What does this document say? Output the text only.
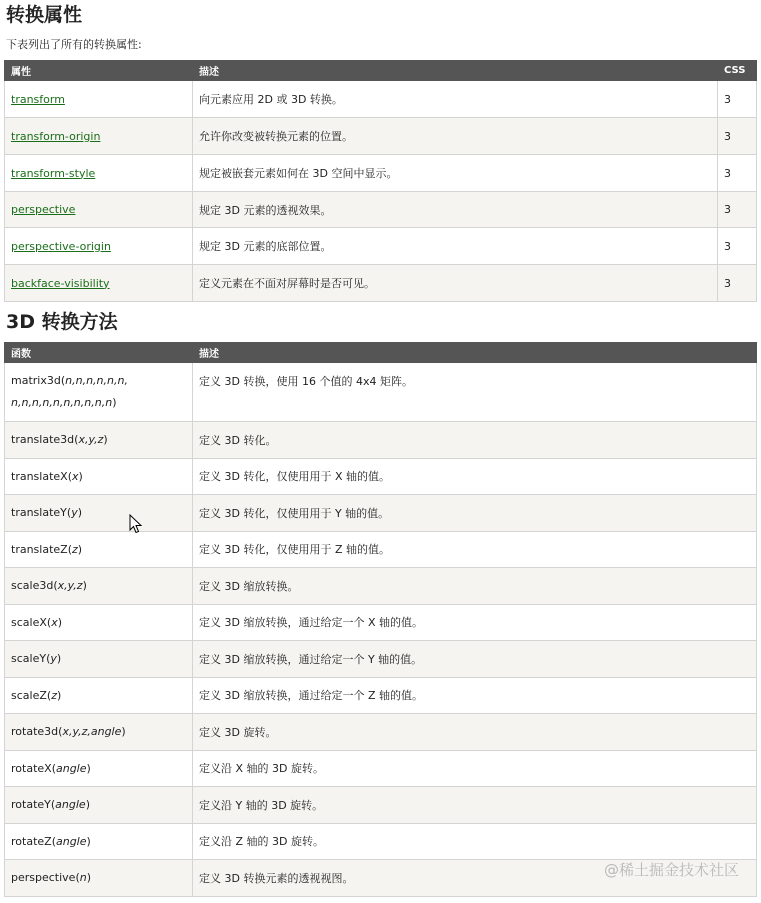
转换属性
下表列出了所有的转换属性:
属性	描述	CSS
transform	向元素应用 2D 或 3D 转换。	3
transform-origin	允许你改变被转换元素的位置。	3
transform-style	规定被嵌套元素如何在 3D 空间中显示。	3
perspective	规定 3D 元素的透视效果。	3
perspective-origin	规定 3D 元素的底部位置。	3
backface-visibility	定义元素在不面对屏幕时是否可见。	3
3D 转换方法
函数	描述
matrix3d(n,n,n,n,n,n,
n,n,n,n,n,n,n,n,n,n)	定义 3D 转换，使用 16 个值的 4x4 矩阵。
translate3d(x,y,z)	定义 3D 转化。
translateX(x)	定义 3D 转化，仅使用用于 X 轴的值。
translateY(y)	定义 3D 转化，仅使用用于 Y 轴的值。
translateZ(z)	定义 3D 转化，仅使用用于 Z 轴的值。
scale3d(x,y,z)	定义 3D 缩放转换。
scaleX(x)	定义 3D 缩放转换，通过给定一个 X 轴的值。
scaleY(y)	定义 3D 缩放转换，通过给定一个 Y 轴的值。
scaleZ(z)	定义 3D 缩放转换，通过给定一个 Z 轴的值。
rotate3d(x,y,z,angle)	定义 3D 旋转。
rotateX(angle)	定义沿 X 轴的 3D 旋转。
rotateY(angle)	定义沿 Y 轴的 3D 旋转。
rotateZ(angle)	定义沿 Z 轴的 3D 旋转。
perspective(n)	定义 3D 转换元素的透视视图。	@稀土掘金技术社区
